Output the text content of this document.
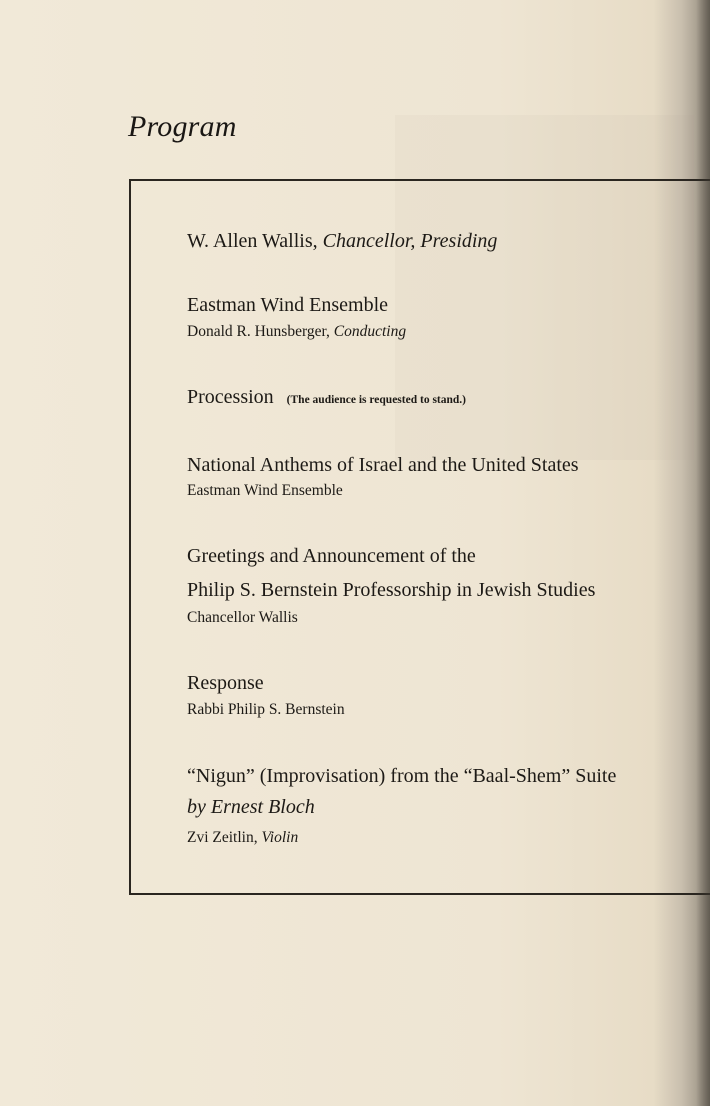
Program
W. Allen Wallis, Chancellor, Presiding
Eastman Wind Ensemble
Donald R. Hunsberger, Conducting
Procession (The audience is requested to stand.)
National Anthems of Israel and the United States
Eastman Wind Ensemble
Greetings and Announcement of the
Philip S. Bernstein Professorship in Jewish Studies
Chancellor Wallis
Response
Rabbi Philip S. Bernstein
“Nigun” (Improvisation) from the “Baal-Shem” Suite
by Ernest Bloch
Zvi Zeitlin, Violin
